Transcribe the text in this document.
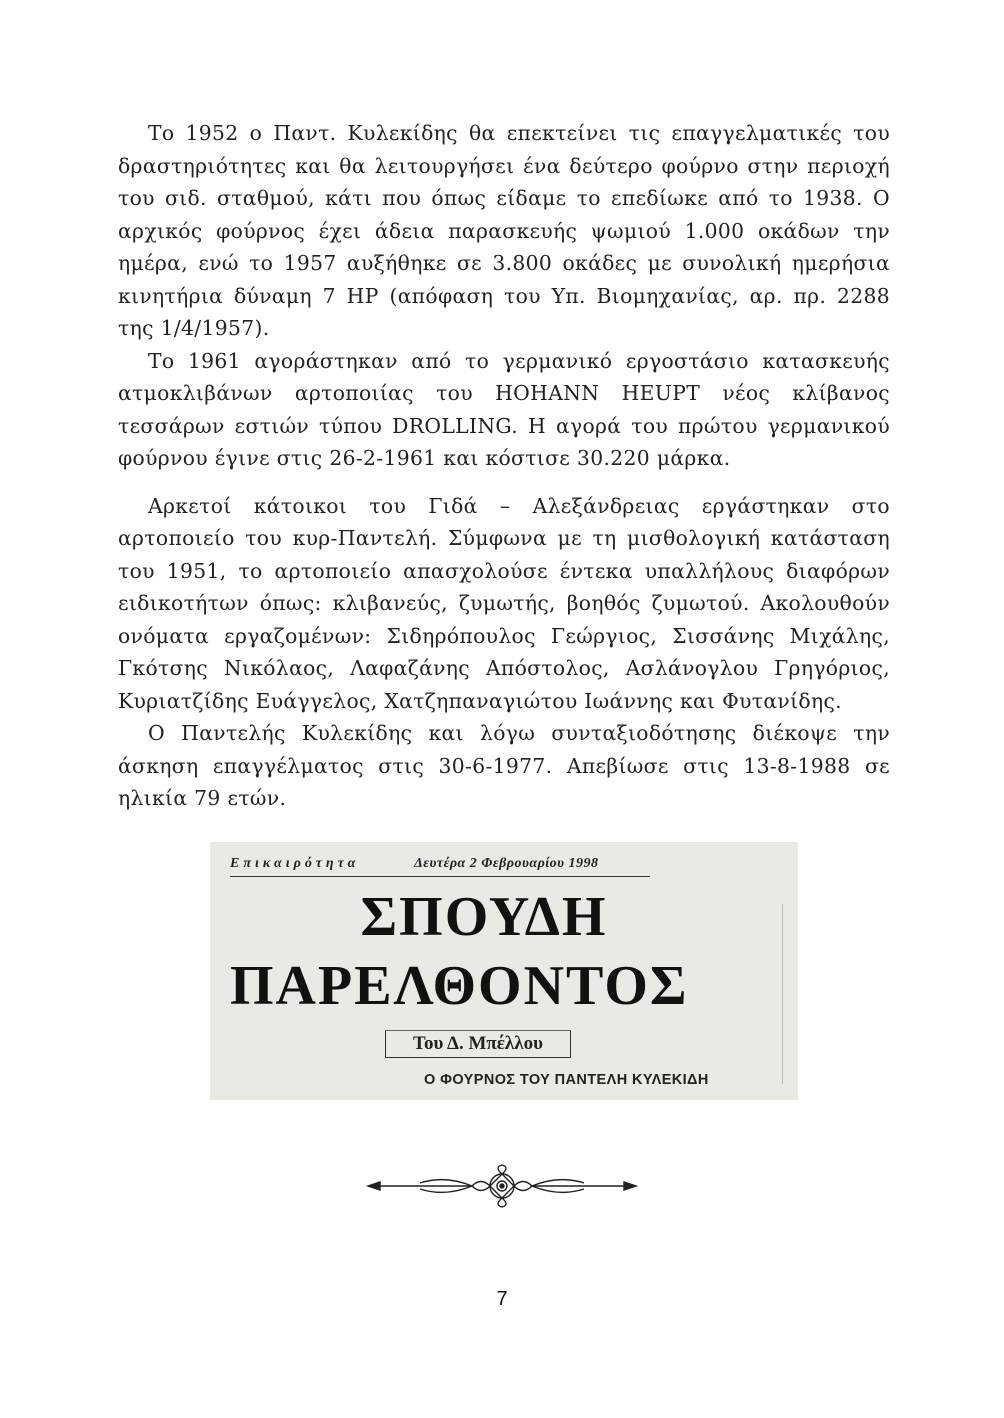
Το 1952 ο Παντ. Κυλεκίδης θα επεκτείνει τις επαγγελματικές του δραστηριότητες και θα λειτουργήσει ένα δεύτερο φούρνο στην περιοχή του σιδ. σταθμού, κάτι που όπως είδαμε το επεδίωκε από το 1938. Ο αρχικός φούρνος έχει άδεια παρασκευής ψωμιού 1.000 οκάδων την ημέρα, ενώ το 1957 αυξήθηκε σε 3.800 οκάδες με συνολική ημερήσια κινητήρια δύναμη 7 HP (απόφαση του Υπ. Βιομηχανίας, αρ. πρ. 2288 της 1/4/1957).

Το 1961 αγοράστηκαν από το γερμανικό εργοστάσιο κατασκευής ατμοκλιβάνων αρτοποιίας του HOHANN HEUPT νέος κλίβανος τεσσάρων εστιών τύπου DROLLING. Η αγορά του πρώτου γερμανικού φούρνου έγινε στις 26-2-1961 και κόστισε 30.220 μάρκα.

Αρκετοί κάτοικοι του Γιδά – Αλεξάνδρειας εργάστηκαν στο αρτοποιείο του κυρ-Παντελή. Σύμφωνα με τη μισθολογική κατάσταση του 1951, το αρτοποιείο απασχολούσε έντεκα υπαλλήλους διαφόρων ειδικοτήτων όπως: κλιβανεύς, ζυμωτής, βοηθός ζυμωτού. Ακολουθούν ονόματα εργαζομένων: Σιδηρόπουλος Γεώργιος, Σισσάνης Μιχάλης, Γκότσης Νικόλαος, Λαφαζάνης Απόστολος, Ασλάνογλου Γρηγόριος, Κυριατζίδης Ευάγγελος, Χατζηπαναγιώτου Ιωάννης και Φυτανίδης.

Ο Παντελής Κυλεκίδης και λόγω συνταξιοδότησης διέκοψε την άσκηση επαγγέλματος στις 30-6-1977. Απεβίωσε στις 13-8-1988 σε ηλικία 79 ετών.

Επικαιρότητα	Δευτέρα 2 Φεβρουαρίου 1998
ΣΠΟΥΔΗ
ΠΑΡΕΛΘΟΝΤΟΣ
Του Δ. Μπέλλου
Ο ΦΟΥΡΝΟΣ ΤΟΥ ΠΑΝΤΕΛΗ ΚΥΛΕΚΙΔΗ
7
